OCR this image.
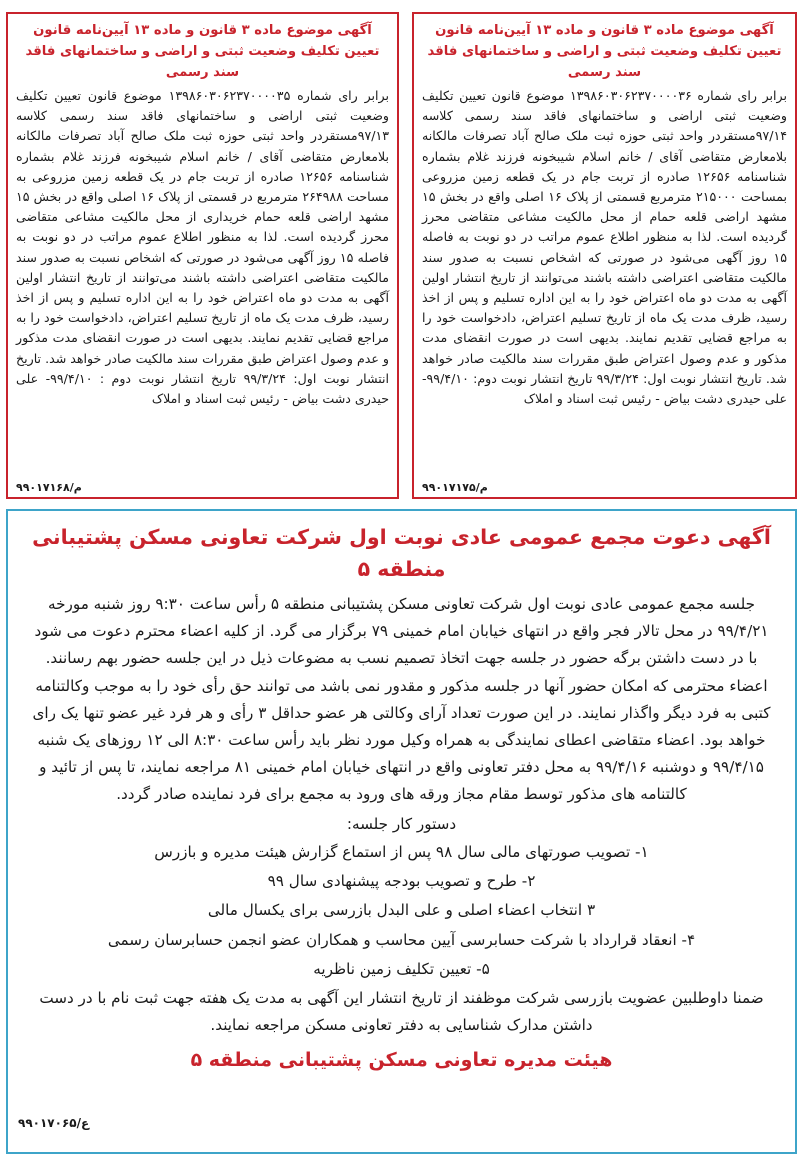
آگهی موضوع ماده ۳ قانون و ماده ۱۳ آیین‌نامه قانون تعیین تکلیف وضعیت ثبتی و اراضی و ساختمانهای فاقد سند رسمی
برابر رای شماره ۱۳۹۸۶۰۳۰۶۲۳۷۰۰۰۰۳۶ موضوع قانون تعیین تکلیف وضعیت ثبتی اراضی و ساختمانهای فاقد سند رسمی کلاسه ۹۷/۱۴مستقردر واحد ثبتی حوزه ثبت ملک صالح آباد تصرفات مالکانه بلامعارض متقاضی آقای / خانم اسلام شیبخونه فرزند غلام بشماره شناسنامه ۱۲۶۵۶ صادره از تربت جام در یک قطعه زمین مزروعی بمساحت ۲۱۵۰۰۰ مترمربع قسمتی از پلاک ۱۶ اصلی واقع در بخش ۱۵ مشهد اراضی قلعه حمام از محل مالکیت مشاعی متقاضی محرز گردیده است. لذا به منظور اطلاع عموم مراتب در دو نوبت به فاصله ۱۵ روز آگهی می‌شود در صورتی که اشخاص نسبت به صدور سند مالکیت متقاضی اعتراضی داشته باشند می‌توانند از تاریخ انتشار اولین آگهی به مدت دو ماه اعتراض خود را به این اداره تسلیم و پس از اخذ رسید، ظرف مدت یک ماه از تاریخ تسلیم اعتراض، دادخواست خود را به مراجع قضایی تقدیم نمایند. بدیهی است در صورت انقضای مدت مذکور و عدم وصول اعتراض طبق مقررات سند مالکیت صادر خواهد شد. تاریخ انتشار نوبت اول: ۹۹/۳/۲۴ تاریخ انتشار نوبت دوم: ۹۹/۴/۱۰- علی حیدری دشت بیاض - رئیس ثبت اسناد و املاک
م/۹۹۰۱۷۱۷۵
آگهی موضوع ماده ۳ قانون و ماده ۱۳ آیین‌نامه قانون تعیین تکلیف وضعیت ثبتی و اراضی و ساختمانهای فاقد سند رسمی
برابر رای شماره ۱۳۹۸۶۰۳۰۶۲۳۷۰۰۰۰۳۵ موضوع قانون تعیین تکلیف وضعیت ثبتی اراضی و ساختمانهای فاقد سند رسمی کلاسه ۹۷/۱۳مستقردر واحد ثبتی حوزه ثبت ملک صالح آباد تصرفات مالکانه بلامعارض متقاضی آقای / خانم اسلام شیبخونه فرزند غلام بشماره شناسنامه ۱۲۶۵۶ صادره از تربت جام در یک قطعه زمین مزروعی به مساحت ۲۶۴۹۸۸ مترمربع در قسمتی از پلاک ۱۶ اصلی واقع در بخش ۱۵ مشهد اراضی قلعه حمام خریداری از محل مالکیت مشاعی متقاضی محرز گردیده است. لذا به منظور اطلاع عموم مراتب در دو نوبت به فاصله ۱۵ روز آگهی می‌شود در صورتی که اشخاص نسبت به صدور سند مالکیت متقاضی اعتراضی داشته باشند می‌توانند از تاریخ انتشار اولین آگهی به مدت دو ماه اعتراض خود را به این اداره تسلیم و پس از اخذ رسید، ظرف مدت یک ماه از تاریخ تسلیم اعتراض، دادخواست خود را به مراجع قضایی تقدیم نمایند. بدیهی است در صورت انقضای مدت مذکور و عدم وصول اعتراض طبق مقررات سند مالکیت صادر خواهد شد. تاریخ انتشار نوبت اول: ۹۹/۳/۲۴ تاریخ انتشار نوبت دوم : ۹۹/۴/۱۰- علی حیدری دشت بیاض - رئیس ثبت اسناد و املاک
م/۹۹۰۱۷۱۶۸
آگهی دعوت مجمع عمومی عادی نوبت اول شرکت تعاونی مسکن پشتیبانی منطقه ۵

جلسه مجمع عمومی عادی نوبت اول شرکت تعاونی مسکن پشتیبانی منطقه ۵ رأس ساعت ۹:۳۰ روز شنبه مورخه ۹۹/۴/۲۱ در محل تالار فجر واقع در انتهای خیابان امام خمینی ۷۹ برگزار می گرد. از کلیه اعضاء محترم دعوت می شود با در دست داشتن برگه حضور در جلسه جهت اتخاذ تصمیم نسب به مضوعات ذیل در این جلسه حضور بهم رسانند.

اعضاء محترمی که امکان حضور آنها در جلسه مذکور و مقدور نمی باشد می توانند حق رأی خود را به موجب وکالتنامه کتبی به فرد دیگر واگذار نمایند. در این صورت تعداد آرای وکالتی هر عضو حداقل ۳ رأی و هر فرد غیر عضو تنها یک رای خواهد بود. اعضاء متقاضی اعطای نمایندگی به همراه وکیل مورد نظر باید رأس ساعت ۸:۳۰ الی ۱۲ روزهای یک شنبه ۹۹/۴/۱۵ و دوشنبه ۹۹/۴/۱۶ به محل دفتر تعاونی واقع در انتهای خیابان امام خمینی ۸۱ مراجعه نمایند، تا پس از تائید و کالتنامه های مذکور توسط مقام مجاز ورقه های ورود به مجمع برای فرد نماینده صادر گردد.

دستور کار جلسه:
۱- تصویب صورتهای مالی سال ۹۸ پس از استماع گزارش هیئت مدیره و بازرس
۲- طرح و تصویب بودجه پیشنهادی سال ۹۹
۳ انتخاب اعضاء اصلی و علی البدل بازرسی برای یکسال مالی
۴- انعقاد قرارداد با شرکت حسابرسی آیین محاسب و همکاران عضو انجمن حسابرسان رسمی
۵- تعیین تکلیف زمین ناظریه

ضمنا داوطلبین عضویت بازرسی شرکت موظفند از تاریخ انتشار این آگهی به مدت یک هفته جهت ثبت نام با در دست داشتن مدارک شناسایی به دفتر تعاونی مسکن مراجعه نمایند.

هیئت مدیره تعاونی مسکن پشتیبانی منطقه ۵
ع/۹۹۰۱۷۰۶۵
